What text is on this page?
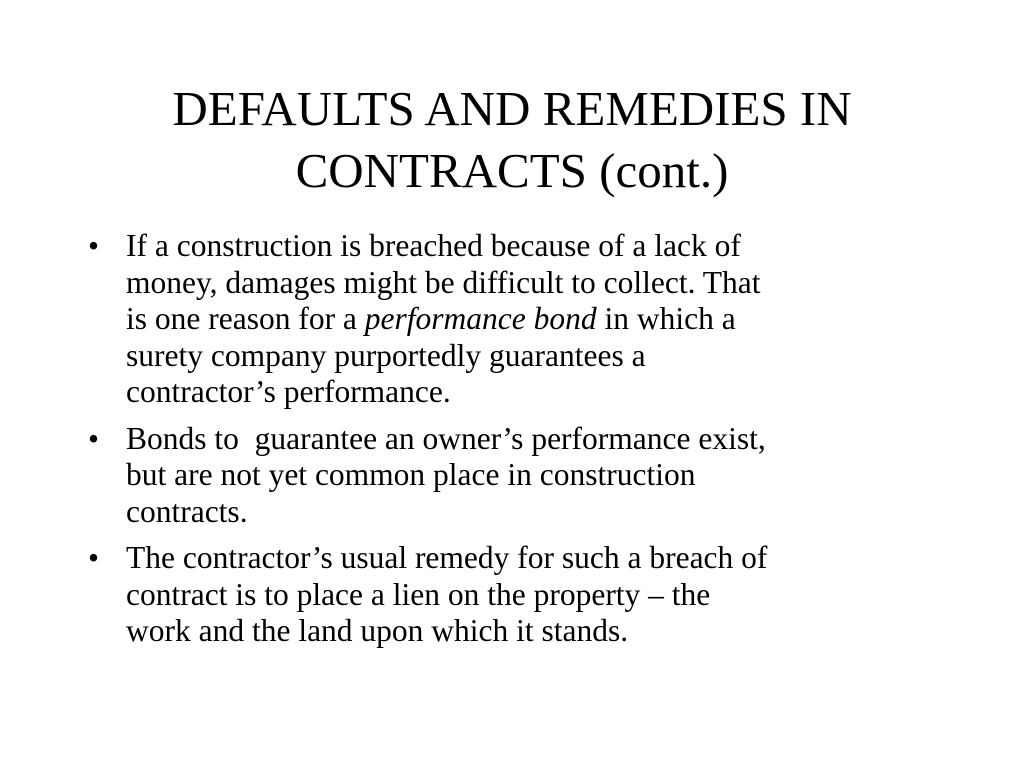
DEFAULTS AND REMEDIES IN
CONTRACTS (cont.)
• If a construction is breached because of a lack of
money, damages might be difficult to collect. That
is one reason for a performance bond in which a
surety company purportedly guarantees a
contractor’s performance.
• Bonds to  guarantee an owner’s performance exist,
but are not yet common place in construction
contracts.
• The contractor’s usual remedy for such a breach of
contract is to place a lien on the property – the
work and the land upon which it stands.
